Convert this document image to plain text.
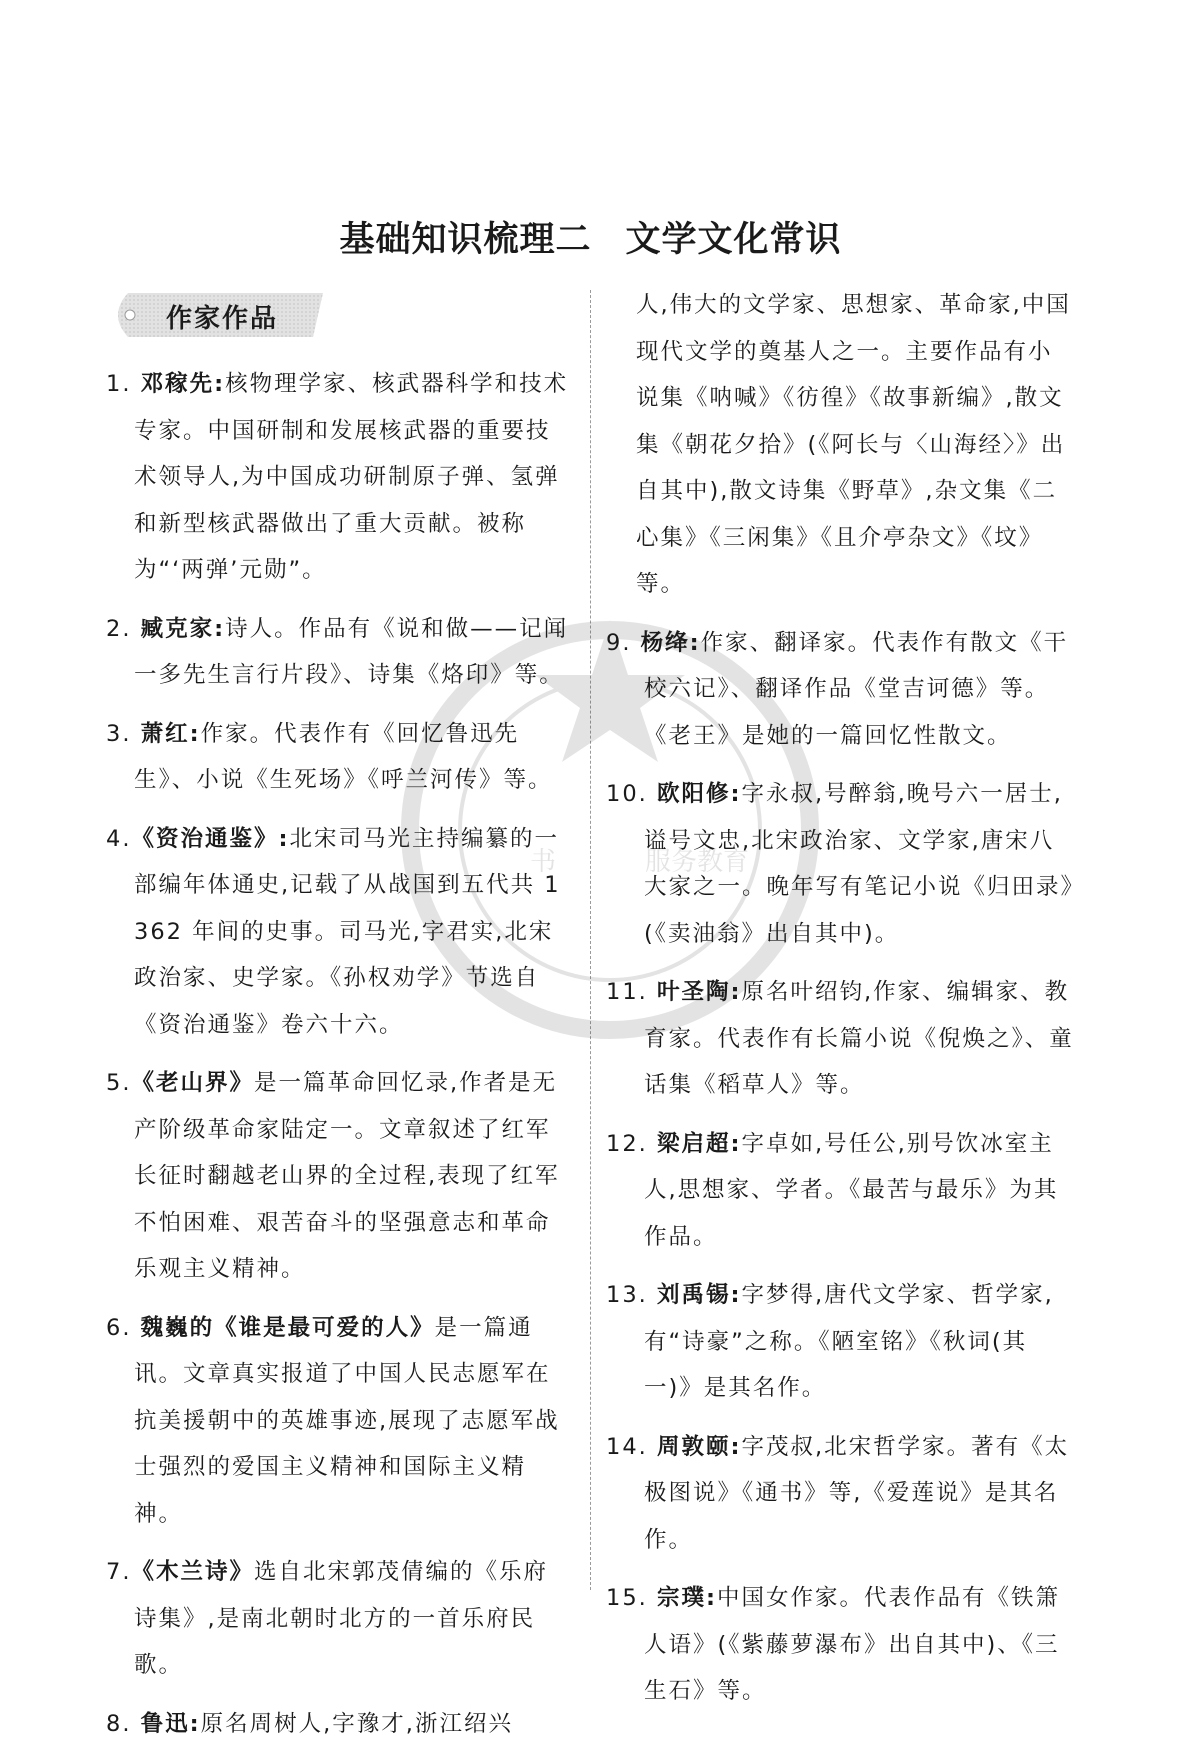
基础知识梳理二 文学文化常识
作家作品
服务教育
书

1. 邓稼先:核物理学家、核武器科学和技术专家。中国研制和发展核武器的重要技术领导人,为中国成功研制原子弹、氢弹和新型核武器做出了重大贡献。被称为“‘两弹’元勋”。

2. 臧克家:诗人。作品有《说和做——记闻一多先生言行片段》、诗集《烙印》等。

3. 萧红:作家。代表作有《回忆鲁迅先生》、小说《生死场》《呼兰河传》等。

4.《资治通鉴》:北宋司马光主持编纂的一部编年体通史,记载了从战国到五代共 1 362 年间的史事。司马光,字君实,北宋政治家、史学家。《孙权劝学》节选自《资治通鉴》卷六十六。

5.《老山界》是一篇革命回忆录,作者是无产阶级革命家陆定一。文章叙述了红军长征时翻越老山界的全过程,表现了红军不怕困难、艰苦奋斗的坚强意志和革命乐观主义精神。

6. 魏巍的《谁是最可爱的人》是一篇通讯。文章真实报道了中国人民志愿军在抗美援朝中的英雄事迹,展现了志愿军战士强烈的爱国主义精神和国际主义精神。

7.《木兰诗》选自北宋郭茂倩编的《乐府诗集》,是南北朝时北方的一首乐府民歌。

8. 鲁迅:原名周树人,字豫才,浙江绍兴

人,伟大的文学家、思想家、革命家,中国现代文学的奠基人之一。主要作品有小说集《呐喊》《彷徨》《故事新编》,散文集《朝花夕拾》(《阿长与〈山海经〉》出自其中),散文诗集《野草》,杂文集《二心集》《三闲集》《且介亭杂文》《坟》等。

9. 杨绛:作家、翻译家。代表作有散文《干校六记》、翻译作品《堂吉诃德》等。《老王》是她的一篇回忆性散文。

10. 欧阳修:字永叔,号醉翁,晚号六一居士,谥号文忠,北宋政治家、文学家,唐宋八大家之一。晚年写有笔记小说《归田录》(《卖油翁》出自其中)。

11. 叶圣陶:原名叶绍钧,作家、编辑家、教育家。代表作有长篇小说《倪焕之》、童话集《稻草人》等。

12. 梁启超:字卓如,号任公,别号饮冰室主人,思想家、学者。《最苦与最乐》为其作品。

13. 刘禹锡:字梦得,唐代文学家、哲学家,有“诗豪”之称。《陋室铭》《秋词(其一)》是其名作。

14. 周敦颐:字茂叔,北宋哲学家。著有《太极图说》《通书》等,《爱莲说》是其名作。

15. 宗璞:中国女作家。代表作品有《铁箫人语》(《紫藤萝瀑布》出自其中)、《三生石》等。
